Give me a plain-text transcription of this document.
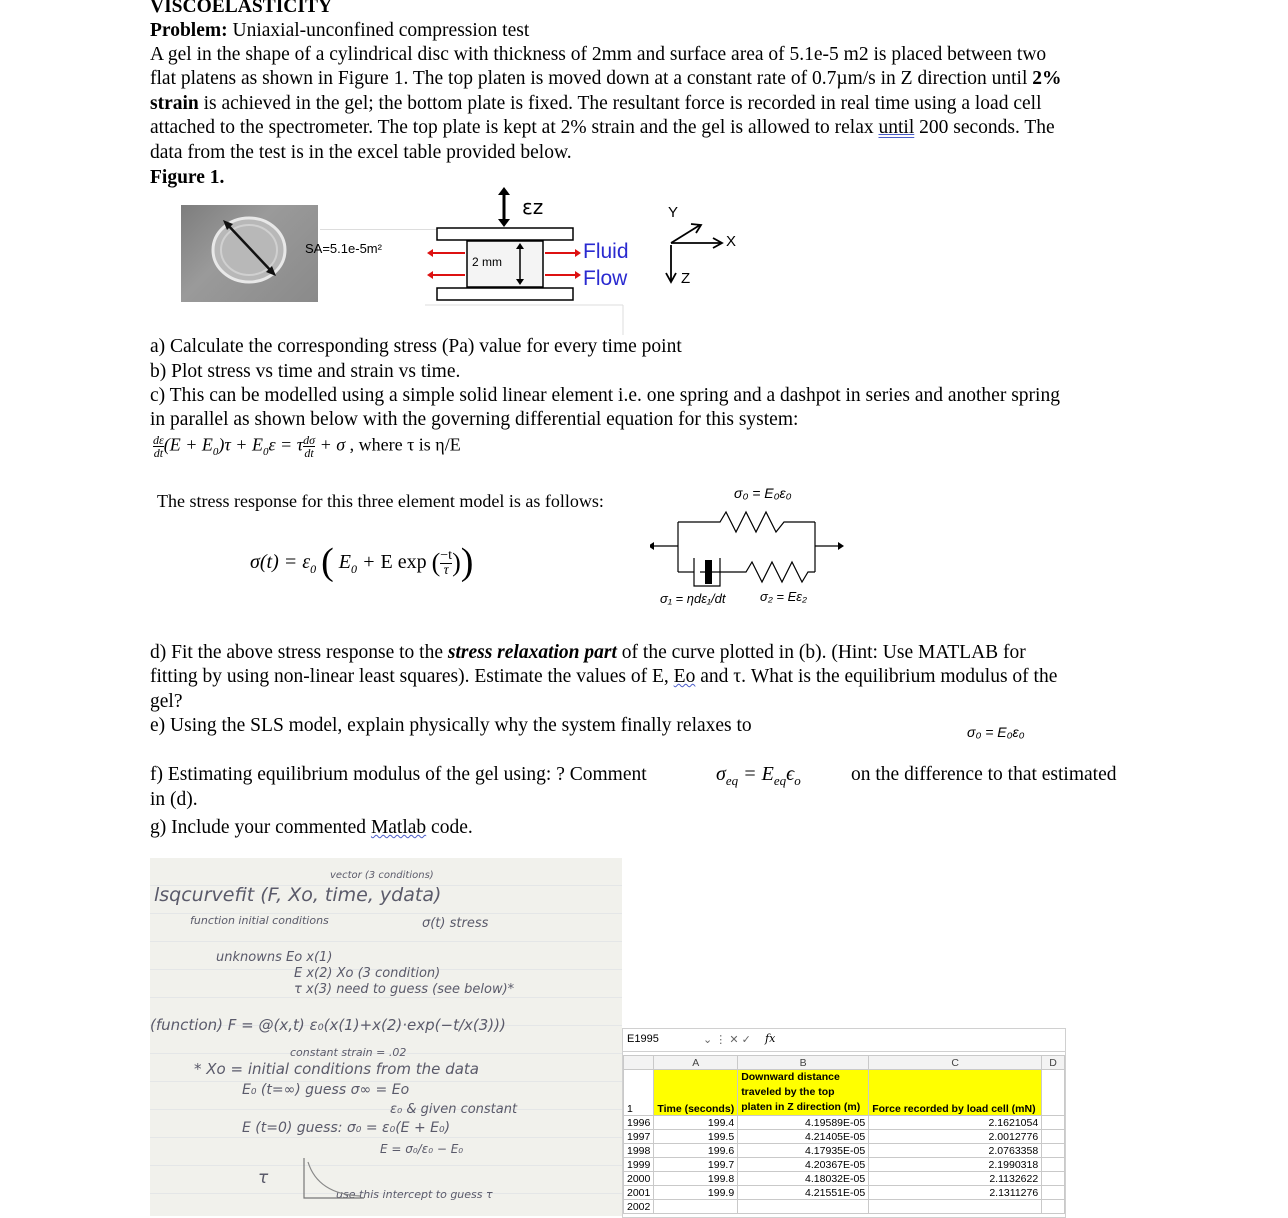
VISCOELASTICITY
Problem: Uniaxial-unconfined compression test
A gel in the shape of a cylindrical disc with thickness of 2mm and surface area of 5.1e-5 m2 is placed between two
flat platens as shown in Figure 1. The top platen is moved down at a constant rate of 0.7µm/s in Z direction until 2%
strain is achieved in the gel; the bottom plate is fixed. The resultant force is recorded in real time using a load cell
attached to the spectrometer. The top plate is kept at 2% strain and the gel is allowed to relax until 200 seconds. The
data from the test is in the excel table provided below.
Figure 1.
SA=5.1e-5m²
εz
2 mm	Fluid
Flow
Y
X
Z
a) Calculate the corresponding stress (Pa) value for every time point
b) Plot stress vs time and strain vs time.
c) This can be modelled using a simple solid linear element i.e. one spring and a dashpot in series and another spring
in parallel as shown below with the governing differential equation for this system:
$\frac{d\varepsilon}{dt} (E + E_0)\tau + E_0\varepsilon = \tau \frac{d\sigma}{dt} + \sigma$ , where τ is η/E
The stress response for this three element model is as follows:
$\sigma(t) = \varepsilon_0$ ( $E_0 + E$ exp ( $\frac{-t}{\tau}$ ))
σ₀ = E₀ε₀
σ₁ = ηdε₁/dt	σ₂ = Eε₂
d) Fit the above stress response to the stress relaxation part of the curve plotted in (b). (Hint: Use MATLAB for
fitting by using non-linear least squares). Estimate the values of E, Eo and τ. What is the equilibrium modulus of the
gel?
e) Using the SLS model, explain physically why the system finally relaxes to	σ₀ = E₀ε₀
f) Estimating equilibrium modulus of the gel using: ? Comment	$\sigma_{eq} = E_{eq}\epsilon_o$	on the difference to that estimated
in (d).
g) Include your commented Matlab code.
vector (3 conditions)
lsqcurvefit (F, Xo, time, ydata)
function initial conditions	σ(t) stress
unknowns Eo x(1)
E x(2) Xo (3 condition)
τ x(3) need to guess (see below)*
(function) F = @(x,t) ε₀(x(1)+x(2)·exp(−t/x(3)))
constant strain = .02
* Xo = initial conditions from the data
E₀ (t=∞) guess σ∞ = Eo
ε₀ & given constant
E (t=0) guess: σ₀ = ε₀(E + E₀)
E = σ₀/ε₀ − E₀
τ
use this intercept to guess τ
E1995	⌄ ⋮ ✕ ✓ fx
	A	B	C	D
1	Time (seconds)	Downward distance traveled by the top platen in Z direction (m)	Force recorded by load cell (mN)	
1996	199.4	4.19589E-05	2.1621054	
1997	199.5	4.21405E-05	2.0012776	
1998	199.6	4.17935E-05	2.0763358	
1999	199.7	4.20367E-05	2.1990318	
2000	199.8	4.18032E-05	2.1132622	
2001	199.9	4.21551E-05	2.1311276	
2002				
